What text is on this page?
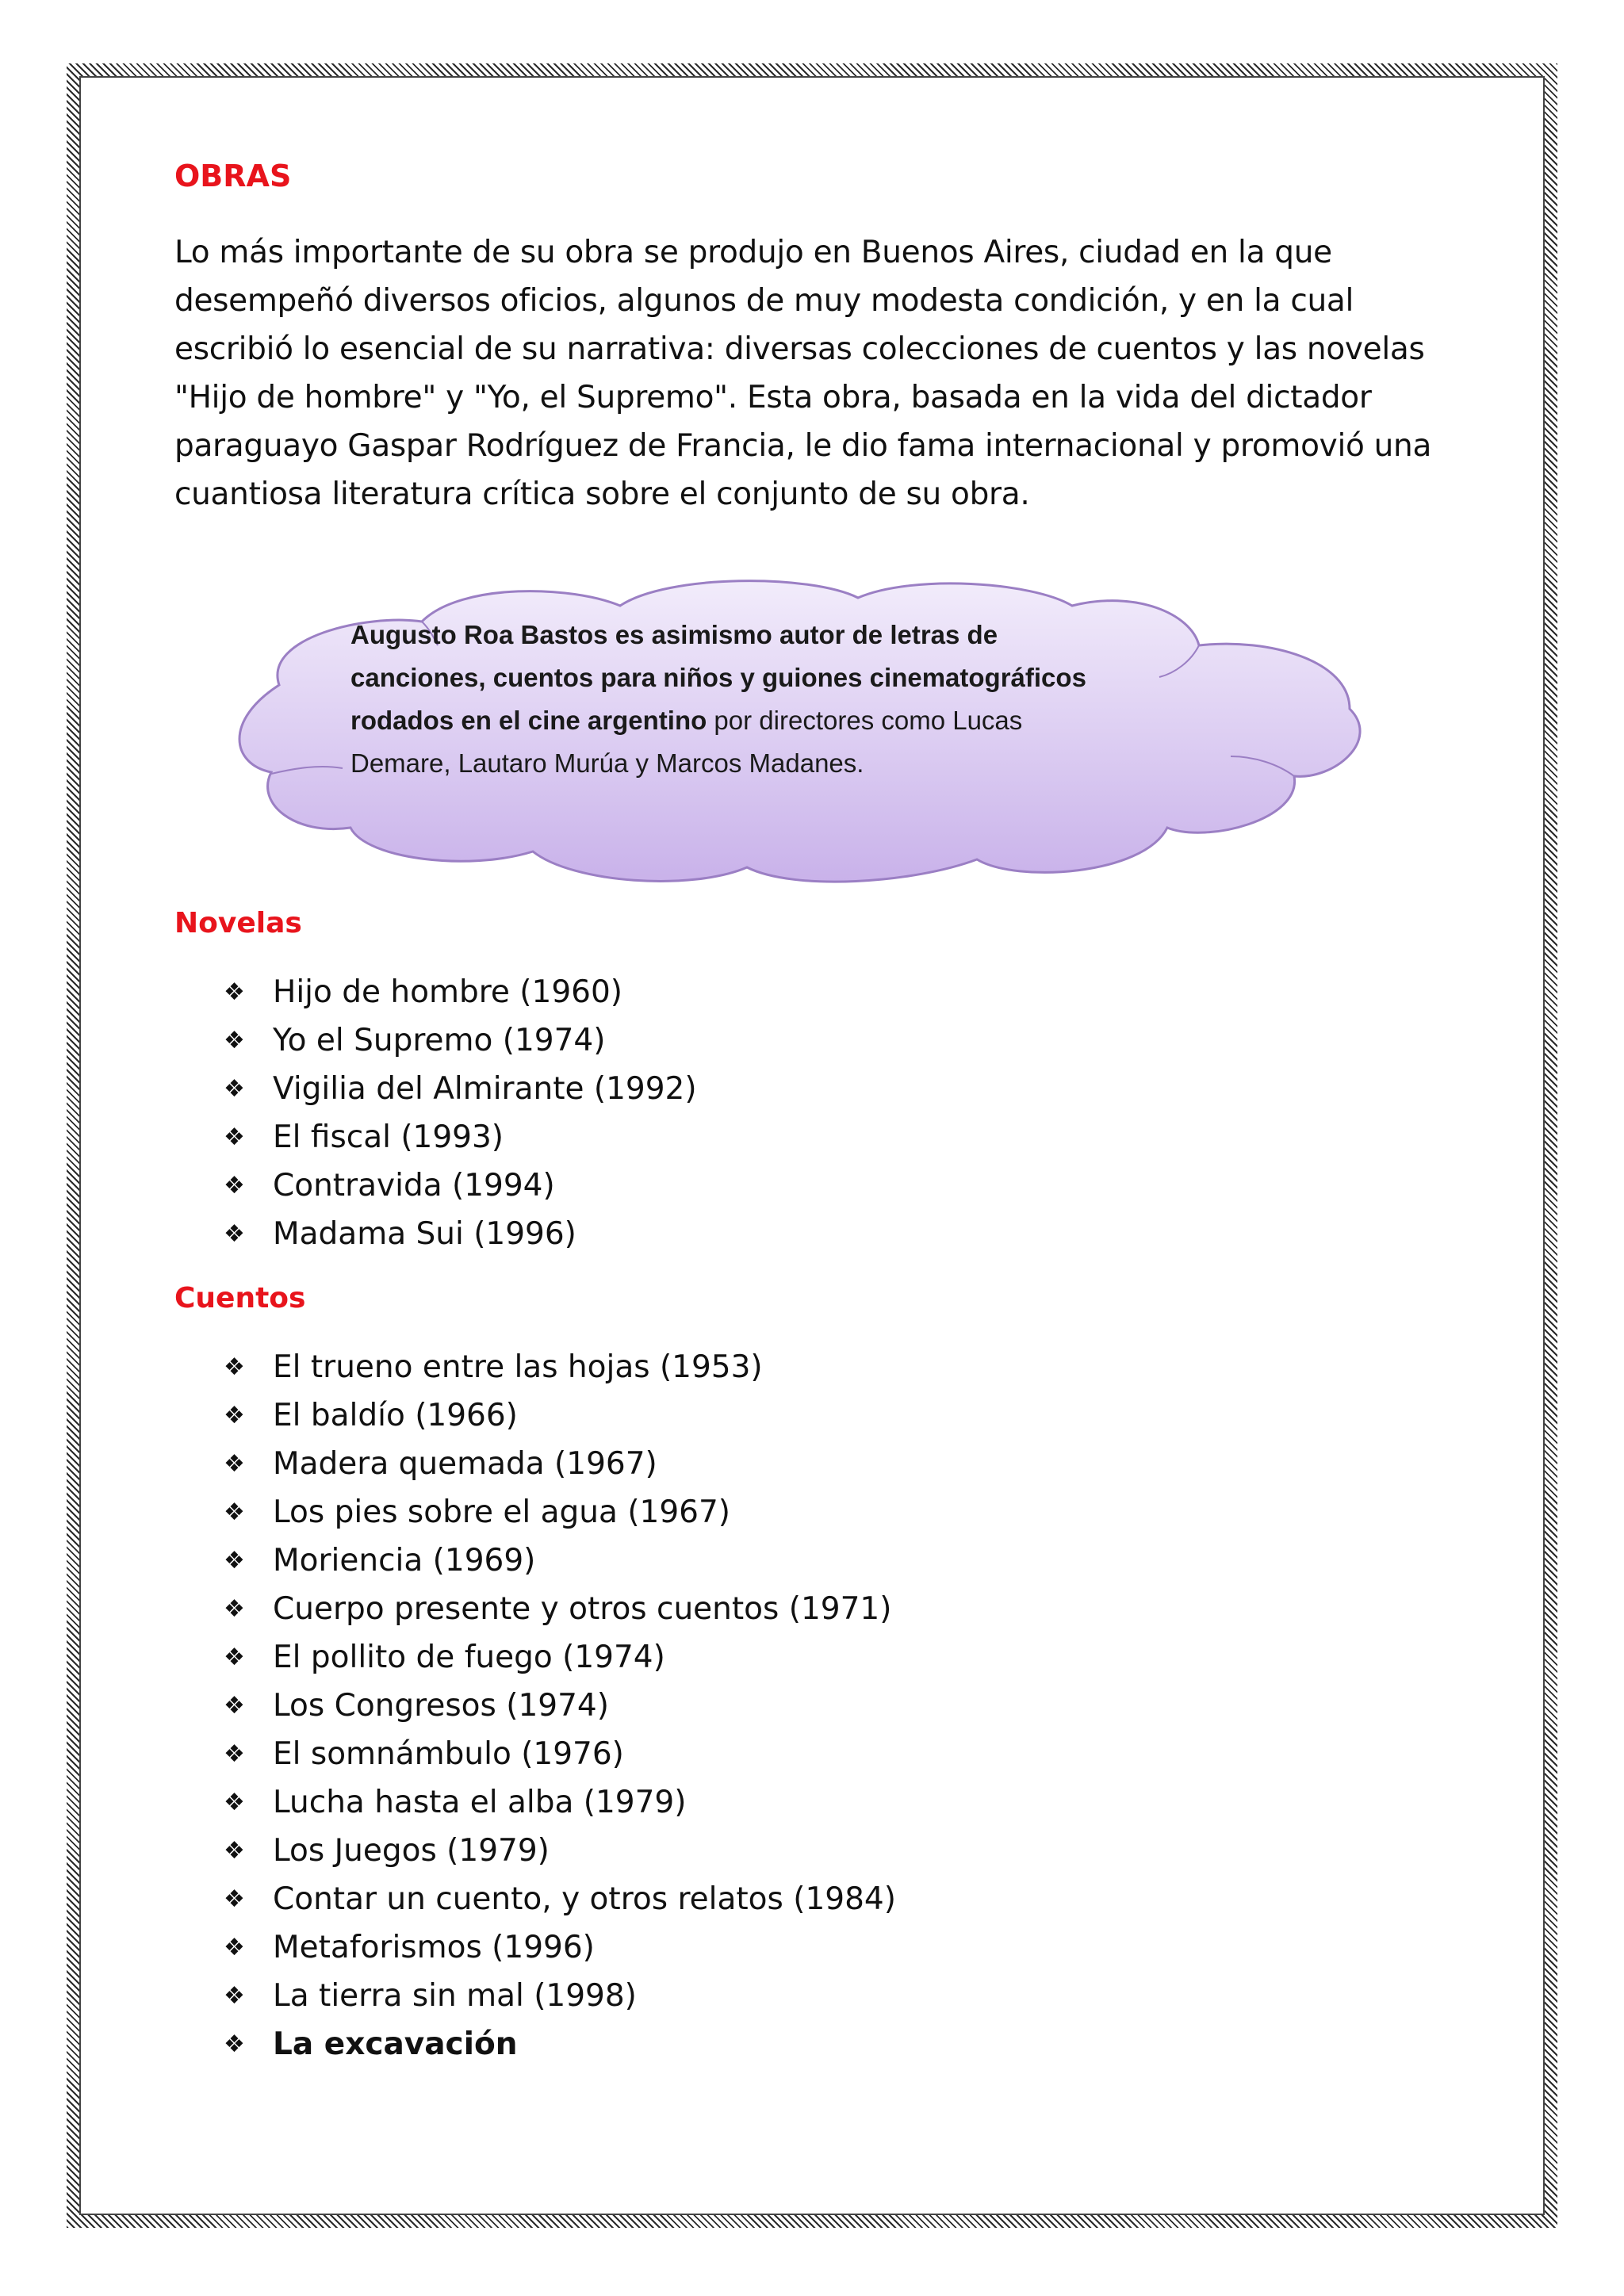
OBRAS

Lo más importante de su obra se produjo en Buenos Aires, ciudad en la que desempeñó diversos oficios, algunos de muy modesta condición, y en la cual escribió lo esencial de su narrativa: diversas colecciones de cuentos y las novelas "Hijo de hombre" y "Yo, el Supremo". Esta obra, basada en la vida del dictador paraguayo Gaspar Rodríguez de Francia, le dio fama internacional y promovió una cuantiosa literatura crítica sobre el conjunto de su obra.

Augusto Roa Bastos es asimismo autor de letras de canciones, cuentos para niños y guiones cinematográficos rodados en el cine argentino por directores como Lucas Demare, Lautaro Murúa y Marcos Madanes.
Novelas
❖ Hijo de hombre (1960)
❖ Yo el Supremo (1974)
❖ Vigilia del Almirante (1992)
❖ El fiscal (1993)
❖ Contravida (1994)
❖ Madama Sui (1996)
Cuentos
❖ El trueno entre las hojas (1953)
❖ El baldío (1966)
❖ Madera quemada (1967)
❖ Los pies sobre el agua (1967)
❖ Moriencia (1969)
❖ Cuerpo presente y otros cuentos (1971)
❖ El pollito de fuego (1974)
❖ Los Congresos (1974)
❖ El somnámbulo (1976)
❖ Lucha hasta el alba (1979)
❖ Los Juegos (1979)
❖ Contar un cuento, y otros relatos (1984)
❖ Metaforismos (1996)
❖ La tierra sin mal (1998)
❖ La excavación
